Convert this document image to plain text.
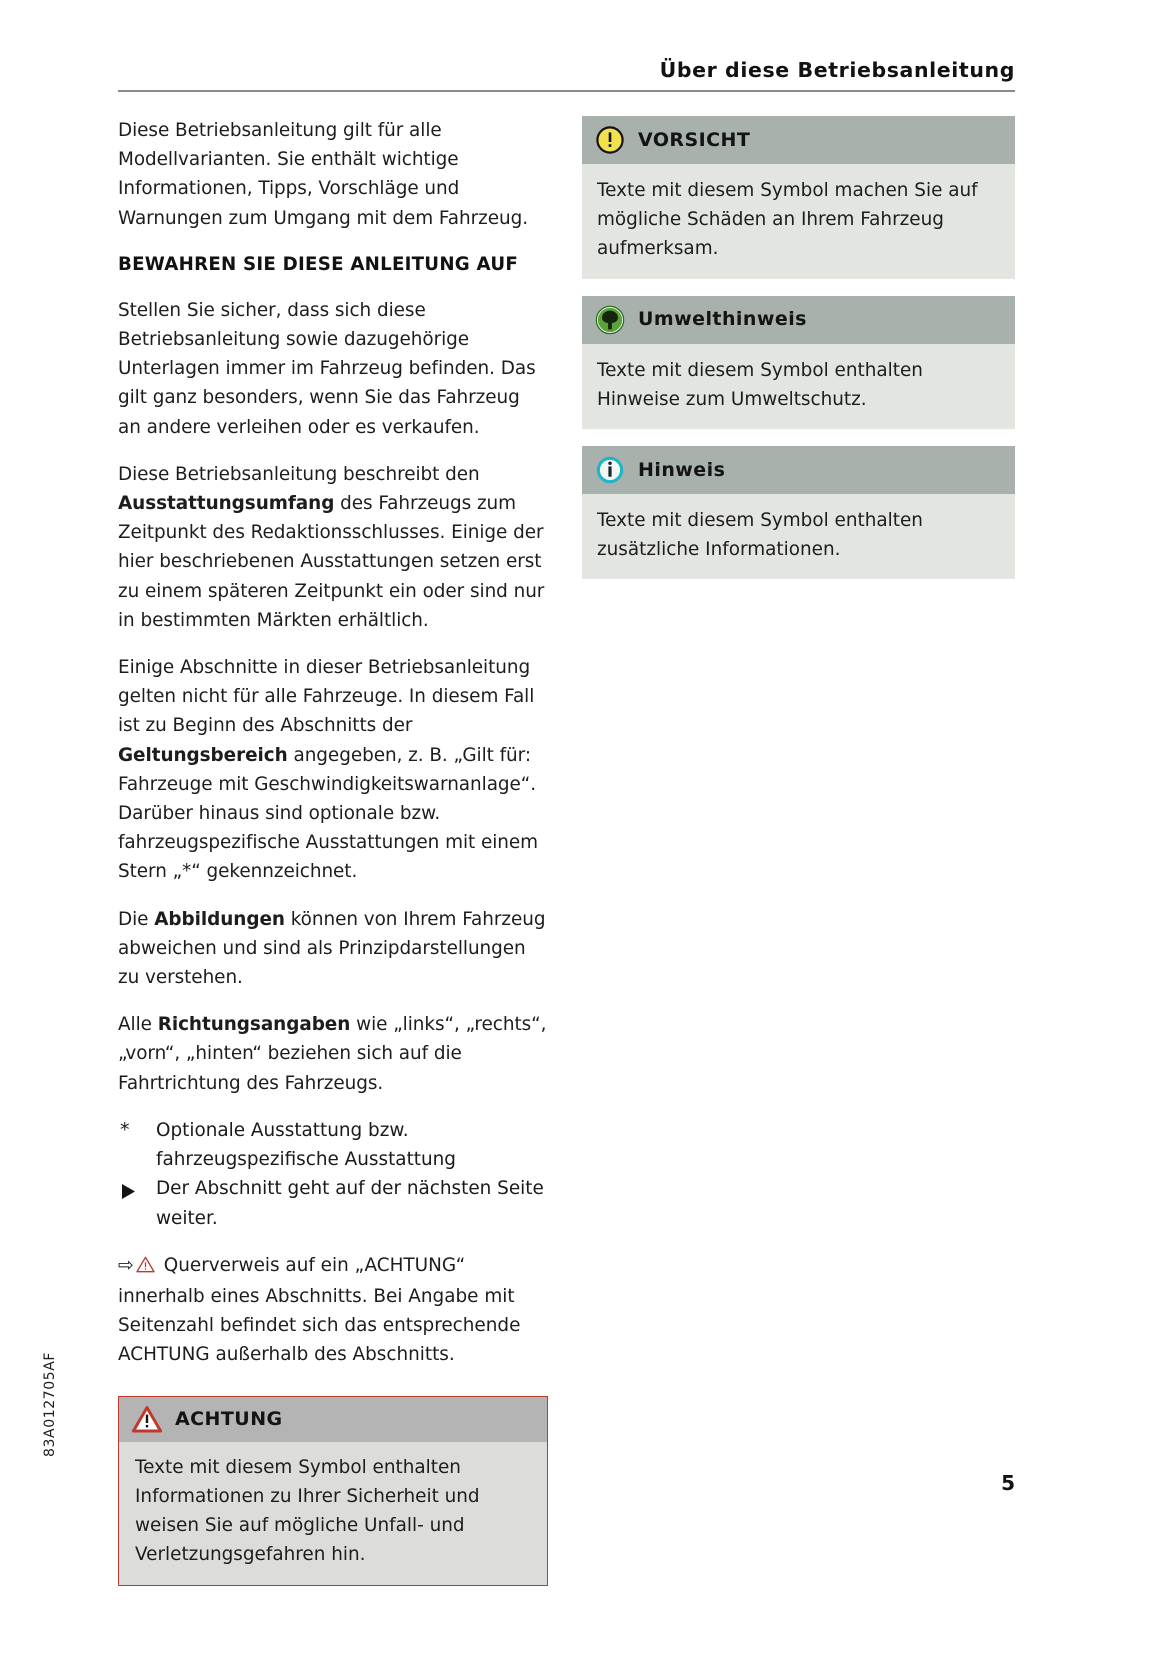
Über diese Betriebsanleitung

Diese Betriebsanleitung gilt für alle Modellvarianten. Sie enthält wichtige Informationen, Tipps, Vorschläge und Warnungen zum Umgang mit dem Fahrzeug.

BEWAHREN SIE DIESE ANLEITUNG AUF

Stellen Sie sicher, dass sich diese Betriebsanleitung sowie dazugehörige Unterlagen immer im Fahrzeug befinden. Das gilt ganz besonders, wenn Sie das Fahrzeug an andere verleihen oder es verkaufen.

Diese Betriebsanleitung beschreibt den Ausstattungsumfang des Fahrzeugs zum Zeitpunkt des Redaktionsschlusses. Einige der hier beschriebenen Ausstattungen setzen erst zu einem späteren Zeitpunkt ein oder sind nur in bestimmten Märkten erhältlich.

Einige Abschnitte in dieser Betriebsanleitung gelten nicht für alle Fahrzeuge. In diesem Fall ist zu Beginn des Abschnitts der Geltungsbereich angegeben, z. B. „Gilt für: Fahrzeuge mit Geschwindigkeitswarnanlage“. Darüber hinaus sind optionale bzw. fahrzeugspezifische Ausstattungen mit einem Stern „*“ gekennzeichnet.

Die Abbildungen können von Ihrem Fahrzeug abweichen und sind als Prinzipdarstellungen zu verstehen.

Alle Richtungsangaben wie „links“, „rechts“, „vorn“, „hinten“ beziehen sich auf die Fahrtrichtung des Fahrzeugs.

*	Optionale Ausstattung bzw. fahrzeugspezifische Ausstattung
Der Abschnitt geht auf der nächsten Seite weiter.

⇨ Querverweis auf ein „ACHTUNG“ innerhalb eines Abschnitts. Bei Angabe mit Seitenzahl befindet sich das entsprechende ACHTUNG außerhalb des Abschnitts.

ACHTUNG
Texte mit diesem Symbol enthalten Informationen zu Ihrer Sicherheit und weisen Sie auf mögliche Unfall- und Verletzungsgefahren hin.
VORSICHT
Texte mit diesem Symbol machen Sie auf mögliche Schäden an Ihrem Fahrzeug aufmerksam.
Umwelthinweis
Texte mit diesem Symbol enthalten Hinweise zum Umweltschutz.
Hinweis
Texte mit diesem Symbol enthalten zusätzliche Informationen.
83A012705AF
5
